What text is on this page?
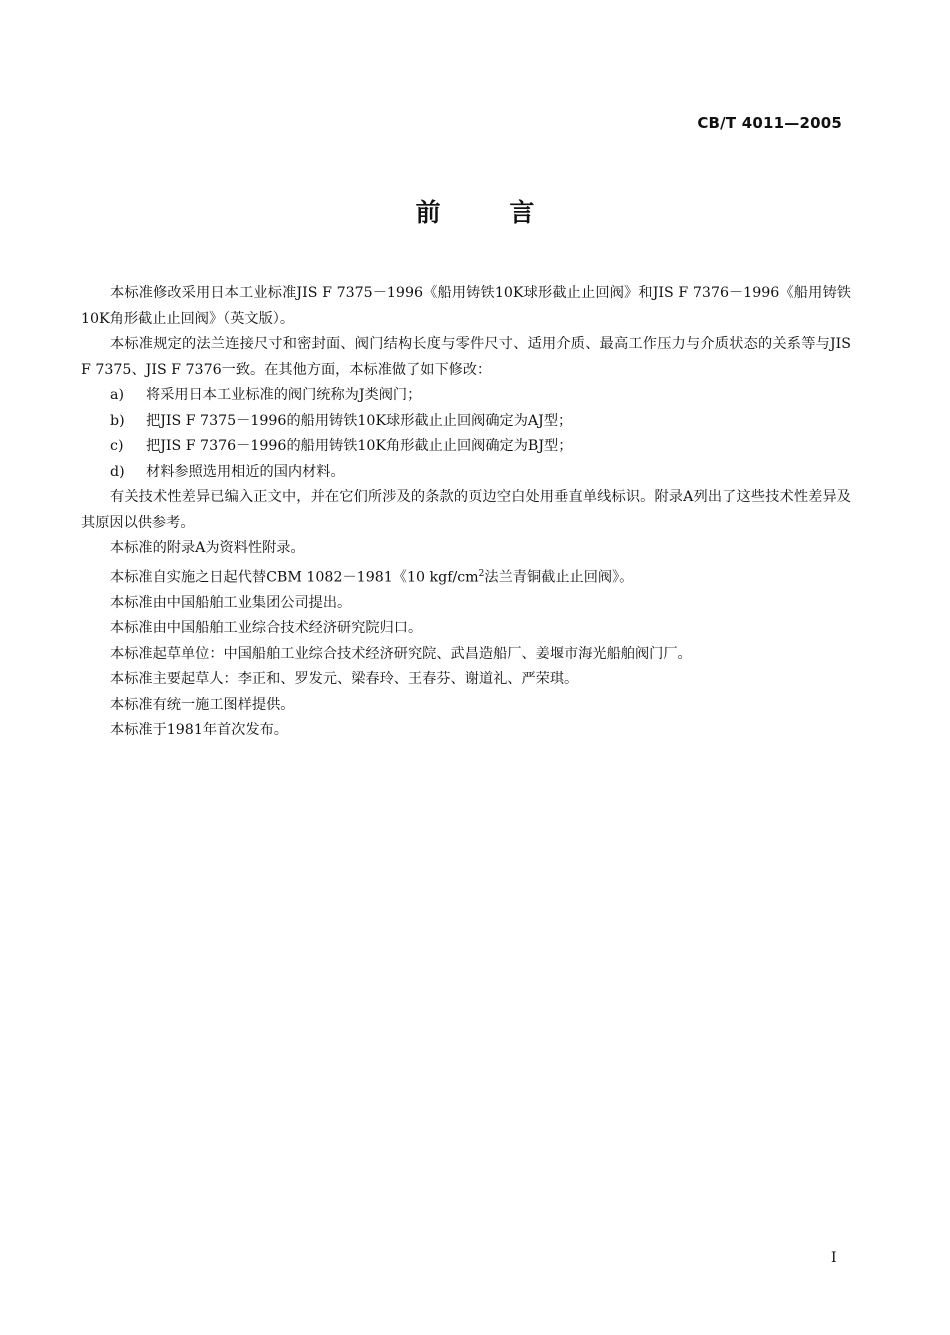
CB/T 4011—2005
前 言

本标准修改采用日本工业标准JIS F 7375－1996《船用铸铁10K球形截止止回阀》和JIS F 7376－1996《船用铸铁10K角形截止止回阀》（英文版）。

本标准规定的法兰连接尺寸和密封面、阀门结构长度与零件尺寸、适用介质、最高工作压力与介质状态的关系等与JIS F 7375、JIS F 7376一致。在其他方面，本标准做了如下修改：

a) 将采用日本工业标准的阀门统称为J类阀门；

b) 把JIS F 7375－1996的船用铸铁10K球形截止止回阀确定为AJ型；

c) 把JIS F 7376－1996的船用铸铁10K角形截止止回阀确定为BJ型；

d) 材料参照选用相近的国内材料。

有关技术性差异已编入正文中，并在它们所涉及的条款的页边空白处用垂直单线标识。附录A列出了这些技术性差异及其原因以供参考。

本标准的附录A为资料性附录。

本标准自实施之日起代替CBM 1082－1981《10 kgf/$cm^2$法兰青铜截止止回阀》。

本标准由中国船舶工业集团公司提出。

本标准由中国船舶工业综合技术经济研究院归口。

本标准起草单位：中国船舶工业综合技术经济研究院、武昌造船厂、姜堰市海光船舶阀门厂。

本标准主要起草人：李正和、罗发元、梁春玲、王春芬、谢道礼、严荣琪。

本标准有统一施工图样提供。

本标准于1981年首次发布。

I
